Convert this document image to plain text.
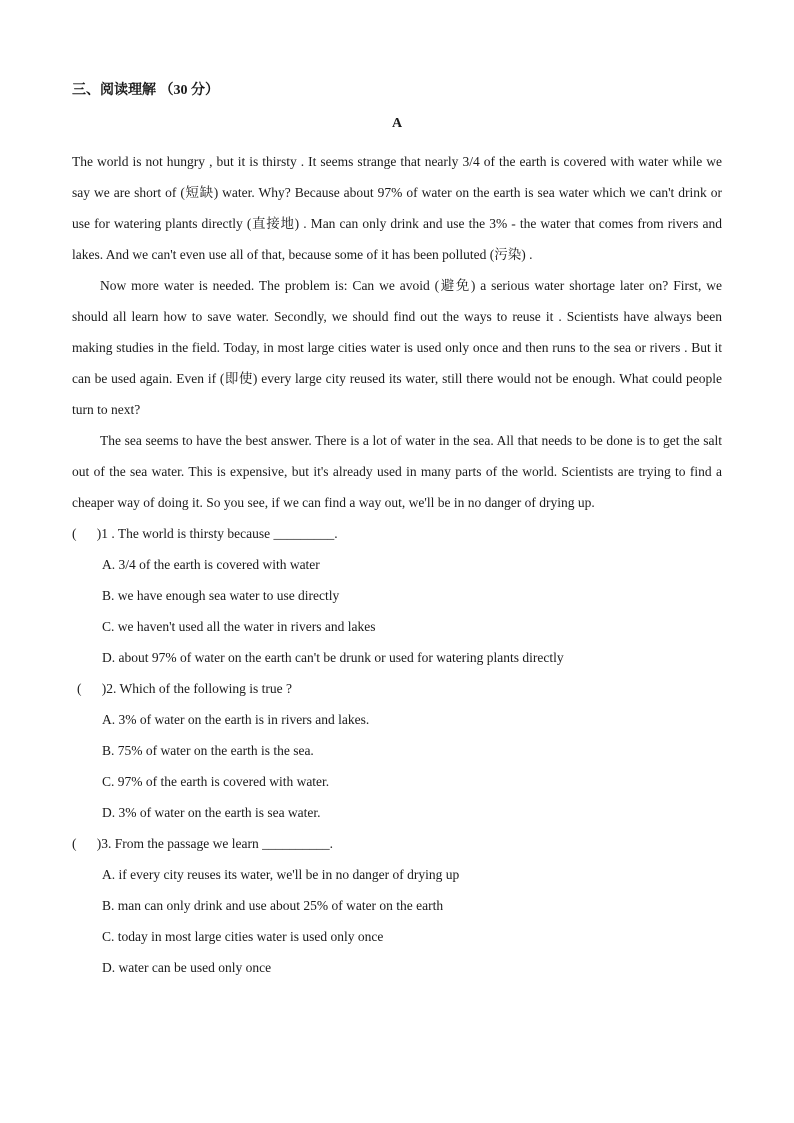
三、阅读理解 （30 分）
A

The world is not hungry , but it is thirsty . It seems strange that nearly 3/4 of the earth is covered with water while we say we are short of (短缺) water. Why? Because about 97% of water on the earth is sea water which we can't drink or use for watering plants directly (直接地) . Man can only drink and use the 3% - the water that comes from rivers and lakes. And we can't even use all of that, because some of it has been polluted (污染) .

Now more water is needed. The problem is: Can we avoid (避免) a serious water shortage later on? First, we should all learn how to save water. Secondly, we should find out the ways to reuse it . Scientists have always been making studies in the field. Today, in most large cities water is used only once and then runs to the sea or rivers . But it can be used again. Even if (即使) every large city reused its water, still there would not be enough. What could people turn to next?

The sea seems to have the best answer. There is a lot of water in the sea. All that needs to be done is to get the salt out of the sea water. This is expensive, but it's already used in many parts of the world. Scientists are trying to find a cheaper way of doing it. So you see, if we can find a way out, we'll be in no danger of drying up.

(  )1 . The world is thirsty because _________.

A. 3/4 of the earth is covered with water

B. we have enough sea water to use directly

C. we haven't used all the water in rivers and lakes

D. about 97% of water on the earth can't be drunk or used for watering plants directly

(  )2. Which of the following is true ?

A. 3% of water on the earth is in rivers and lakes.

B. 75% of water on the earth is the sea.

C. 97% of the earth is covered with water.

D. 3% of water on the earth is sea water.

(  )3. From the passage we learn __________.

A. if every city reuses its water, we'll be in no danger of drying up

B. man can only drink and use about 25% of water on the earth

C. today in most large cities water is used only once

D. water can be used only once
